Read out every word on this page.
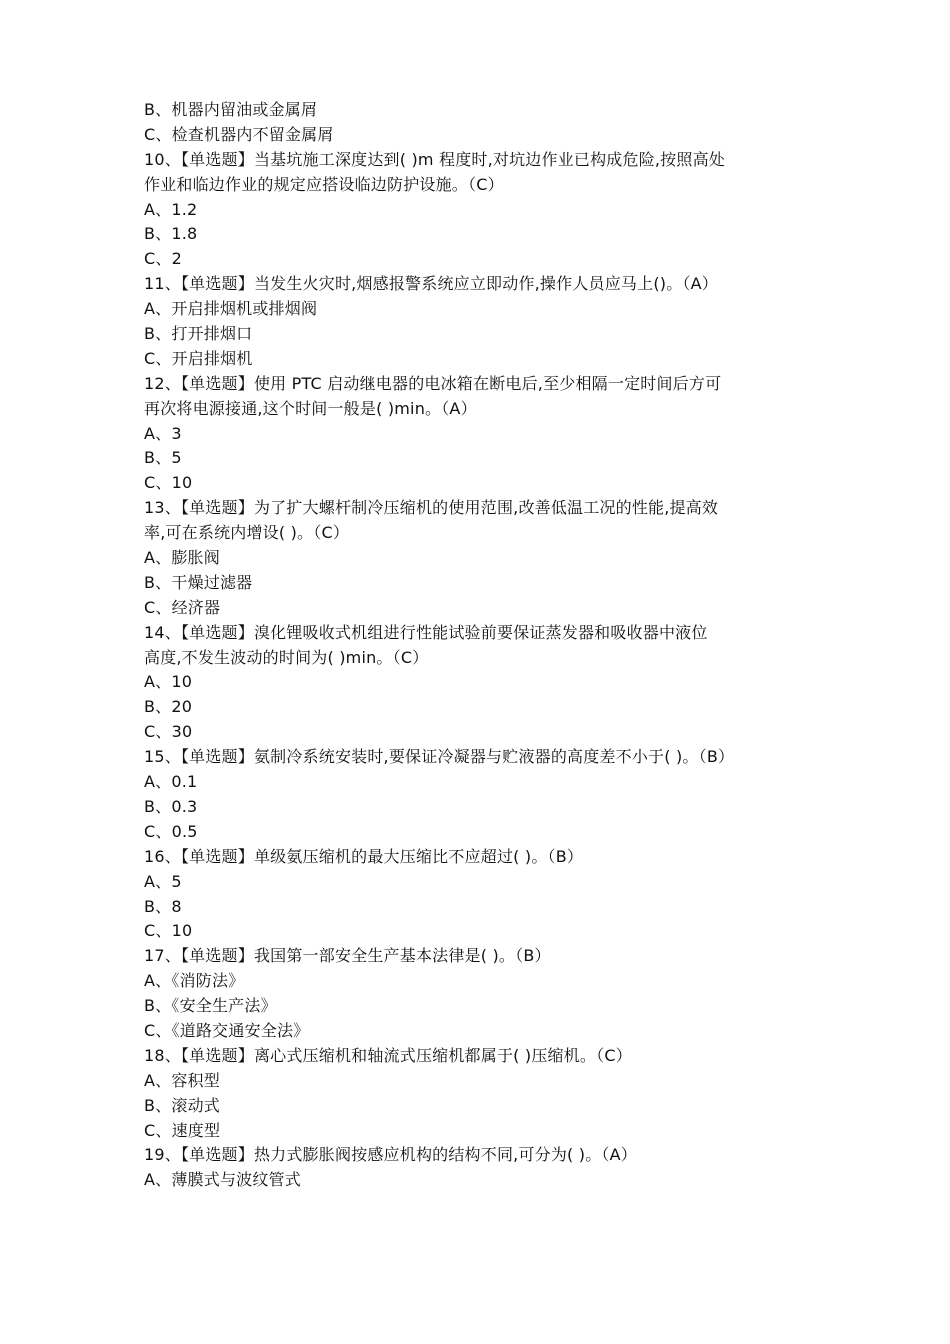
B、机器内留油或金属屑
C、检查机器内不留金属屑
10、【单选题】当基坑施工深度达到( )m 程度时,对坑边作业已构成危险,按照高处
作业和临边作业的规定应搭设临边防护设施。（C）
A、1.2
B、1.8
C、2
11、【单选题】当发生火灾时,烟感报警系统应立即动作,操作人员应马上()。（A）
A、开启排烟机或排烟阀
B、打开排烟口
C、开启排烟机
12、【单选题】使用 PTC 启动继电器的电冰箱在断电后,至少相隔一定时间后方可
再次将电源接通,这个时间一般是( )min。（A）
A、3
B、5
C、10
13、【单选题】为了扩大螺杆制冷压缩机的使用范围,改善低温工况的性能,提高效
率,可在系统内增设( )。（C）
A、膨胀阀
B、干燥过滤器
C、经济器
14、【单选题】溴化锂吸收式机组进行性能试验前要保证蒸发器和吸收器中液位
高度,不发生波动的时间为( )min。（C）
A、10
B、20
C、30
15、【单选题】氨制冷系统安装时,要保证冷凝器与贮液器的高度差不小于( )。（B）
A、0.1
B、0.3
C、0.5
16、【单选题】单级氨压缩机的最大压缩比不应超过( )。（B）
A、5
B、8
C、10
17、【单选题】我国第一部安全生产基本法律是( )。（B）
A、《消防法》
B、《安全生产法》
C、《道路交通安全法》
18、【单选题】离心式压缩机和轴流式压缩机都属于( )压缩机。（C）
A、容积型
B、滚动式
C、速度型
19、【单选题】热力式膨胀阀按感应机构的结构不同,可分为( )。（A）
A、薄膜式与波纹管式
